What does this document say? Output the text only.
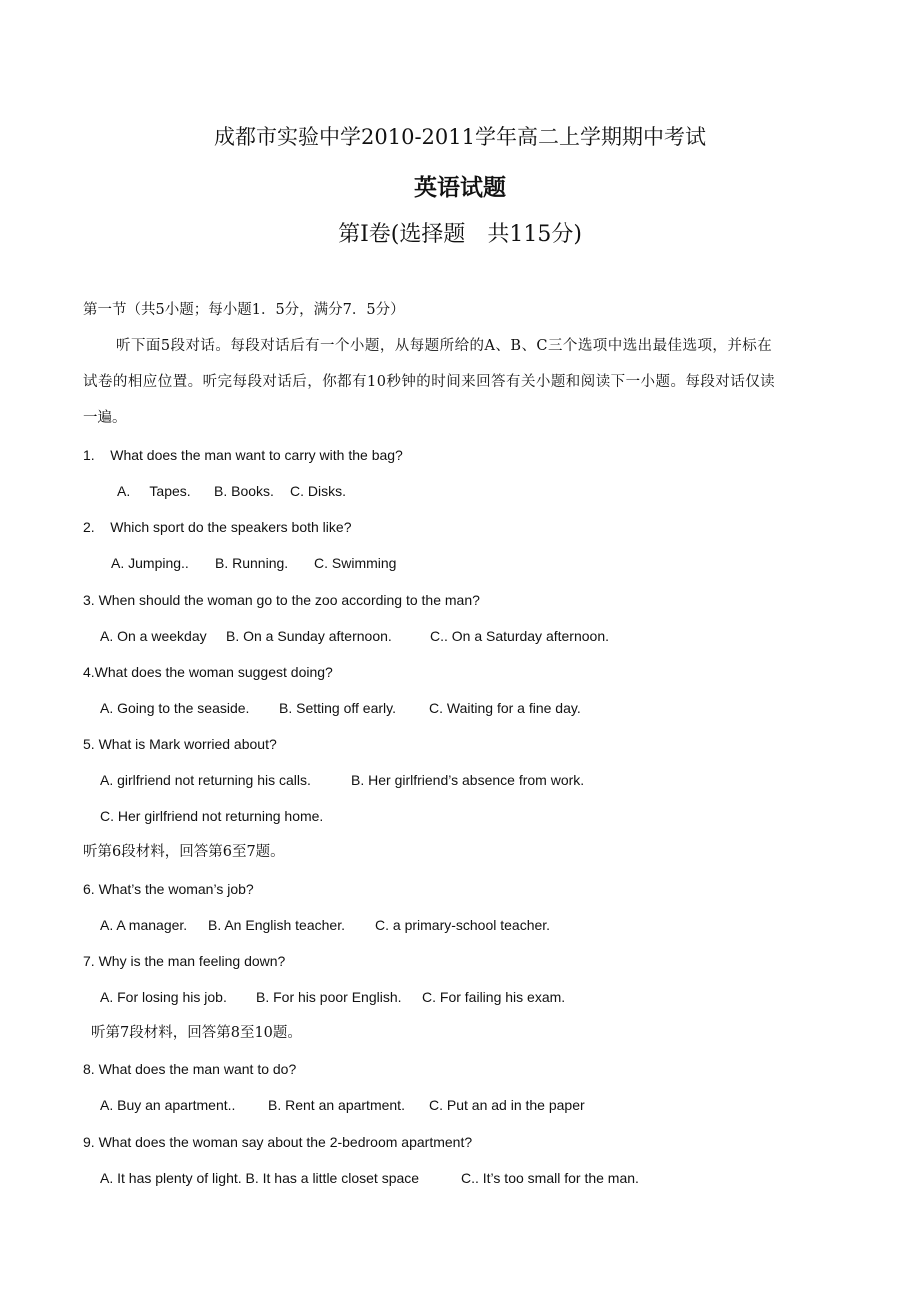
成都市实验中学2010-2011学年高二上学期期中考试
英语试题
第Ⅰ卷(选择题　共115分)
第一节（共5小题；每小题1．5分，满分7．5分）
听下面5段对话。每段对话后有一个小题，从每题所给的A、B、C三个选项中选出最佳选项，并标在
试卷的相应位置。听完每段对话后，你都有10秒钟的时间来回答有关小题和阅读下一小题。每段对话仅读
一遍。
1.    What does the man want to carry with the bag?
A.     Tapes. B. Books. C. Disks.
2.    Which sport do the speakers both like?
A. Jumping.. B. Running. C. Swimming
3. When should the woman go to the zoo according to the man?
A. On a weekday B. On a Sunday afternoon.	C.. On a Saturday afternoon.
4.What does the woman suggest doing?
A. Going to the seaside. B. Setting off early. C. Waiting for a fine day.
5. What is Mark worried about?
A. girlfriend not returning his calls.	B. Her girlfriend’s absence from work.
C. Her girlfriend not returning home.
听第6段材料，回答第6至7题。
6. What’s the woman’s job?
A. A manager. B. An English teacher. C. a primary-school teacher.
7. Why is the man feeling down?
A. For losing his job. B. For his poor English. C. For failing his exam.
听第7段材料，回答第8至10题。
8. What does the man want to do?
A. Buy an apartment.. B. Rent an apartment. C. Put an ad in the paper
9. What does the woman say about the 2-bedroom apartment?
A. It has plenty of light. B. It has a little closet space	C.. It’s too small for the man.
